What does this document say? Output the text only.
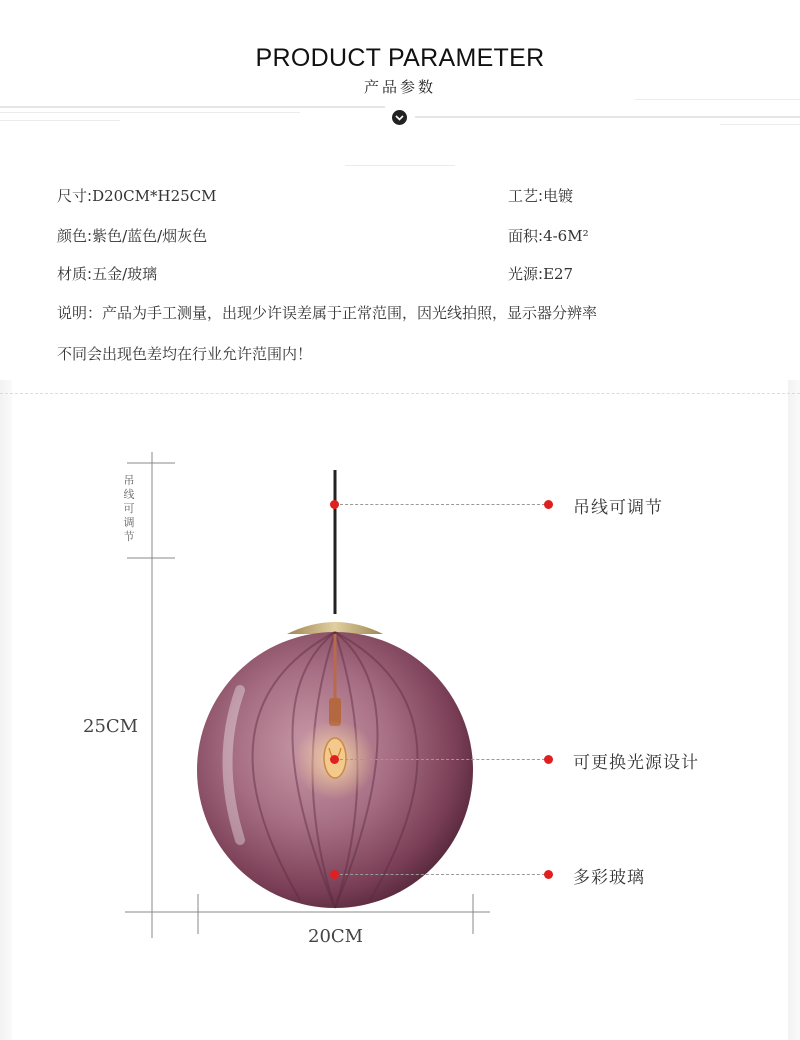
PRODUCT PARAMETER
产品参数
尺寸:D20CM*H25CM	工艺:电镀
颜色:紫色/蓝色/烟灰色	面积:4-6M²
材质:五金/玻璃	光源:E27
说明：产品为手工测量，出现少许误差属于正常范围，因光线拍照，显示器分辨率
不同会出现色差均在行业允许范围内！
吊线可调节
25CM
20CM
吊线可调节
可更换光源设计
多彩玻璃
